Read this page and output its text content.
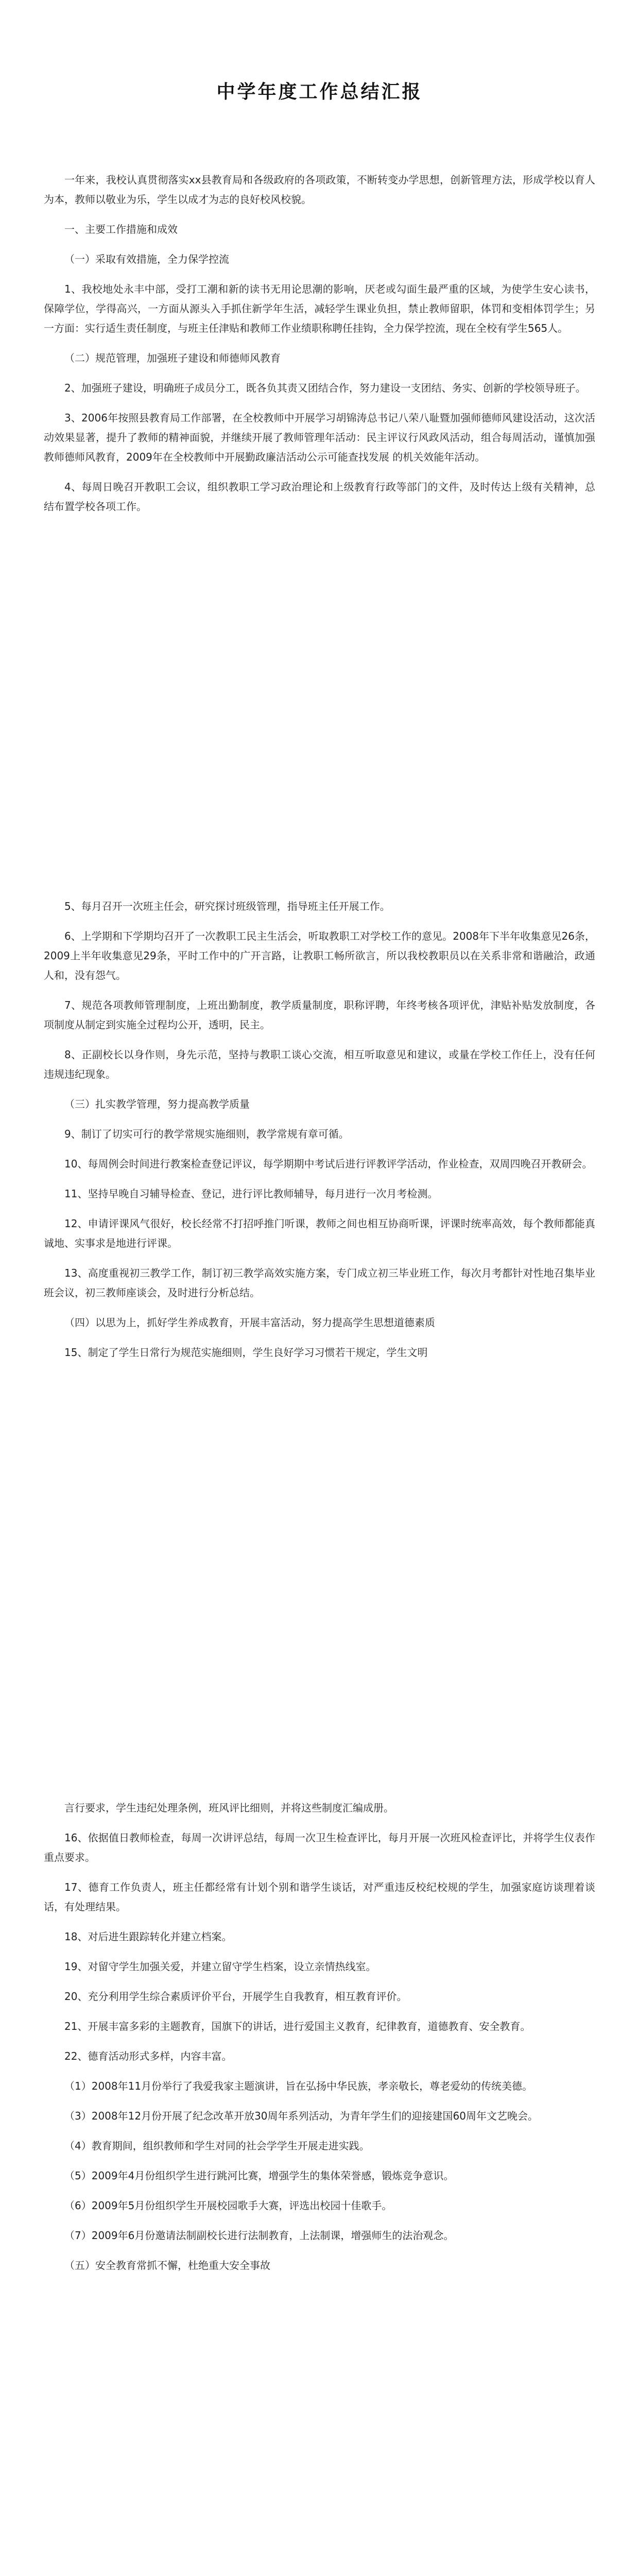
中学年度工作总结汇报

一年来，我校认真贯彻落实xx县教育局和各级政府的各项政策，不断转变办学思想，创新管理方法，形成学校以育人为本，教师以敬业为乐，学生以成才为志的良好校风校貌。

一、主要工作措施和成效

（一）采取有效措施，全力保学控流

1、我校地处永丰中部，受打工潮和新的读书无用论思潮的影响，厌老或勾面生最严重的区域，为使学生安心读书，保障学位，学得高兴，一方面从源头入手抓住新学年生活，减轻学生课业负担，禁止教师留职，体罚和变相体罚学生；另一方面：实行适生责任制度，与班主任津贴和教师工作业绩职称聘任挂钩，全力保学控流，现在全校有学生565人。

（二）规范管理，加强班子建设和师德师风教育

2、加强班子建设，明确班子成员分工，既各负其责又团结合作，努力建设一支团结、务实、创新的学校领导班子。

3、2006年按照县教育局工作部署，在全校教师中开展学习胡锦涛总书记八荣八耻暨加强师德师风建设活动，这次活动效果显著，提升了教师的精神面貌，并继续开展了教师管理年活动：民主评议行风政风活动，组合每周活动，谨慎加强教师德师风教育，2009年在全校教师中开展勤政廉洁活动公示可能查找发展 的机关效能年活动。

4、每周日晚召开教职工会议，组织教职工学习政治理论和上级教育行政等部门的文件，及时传达上级有关精神，总结布置学校各项工作。

5、每月召开一次班主任会，研究探讨班级管理，指导班主任开展工作。

6、上学期和下学期均召开了一次教职工民主生活会，听取教职工对学校工作的意见。2008年下半年收集意见26条，2009上半年收集意见29条，平时工作中的广开言路，让教职工畅所欲言，所以我校教职员以在关系非常和谐融洽，政通人和，没有怨气。

7、规范各项教师管理制度，上班出勤制度，教学质量制度，职称评聘，年终考核各项评优，津贴补贴发放制度，各项制度从制定到实施全过程均公开，透明，民主。

8、正副校长以身作则，身先示范，坚持与教职工谈心交流，相互听取意见和建议，或量在学校工作任上，没有任何违规违纪现象。

（三）扎实教学管理，努力提高教学质量

9、制订了切实可行的教学常规实施细则，教学常规有章可循。

10、每周例会时间进行教案检查登记评议，每学期期中考试后进行评教评学活动，作业检查，双周四晚召开教研会。

11、坚持早晚自习辅导检查、登记，进行评比教师辅导，每月进行一次月考检测。

12、申请评课风气很好，校长经常不打招呼推门听课，教师之间也相互协商听课，评课时统率高效，每个教师都能真诚地、实事求是地进行评课。

13、高度重视初三教学工作，制订初三教学高效实施方案，专门成立初三毕业班工作，每次月考都针对性地召集毕业班会议，初三教师座谈会，及时进行分析总结。

（四）以思为上，抓好学生养成教育，开展丰富活动，努力提高学生思想道德素质

15、制定了学生日常行为规范实施细则，学生良好学习习惯若干规定，学生文明

言行要求，学生违纪处理条例，班风评比细则，并将这些制度汇编成册。

16、依据值日教师检查，每周一次讲评总结，每周一次卫生检查评比，每月开展一次班风检查评比，并将学生仪表作重点要求。

17、德育工作负责人，班主任都经常有计划个别和谐学生谈话，对严重违反校纪校规的学生，加强家庭访谈理着谈话，有处理结果。

18、对后进生跟踪转化并建立档案。

19、对留守学生加强关爱，并建立留守学生档案，设立亲情热线室。

20、充分利用学生综合素质评价平台，开展学生自我教育，相互教育评价。

21、开展丰富多彩的主题教育，国旗下的讲话，进行爱国主义教育，纪律教育，道德教育、安全教育。

22、德育活动形式多样，内容丰富。

（1）2008年11月份举行了我爱我家主题演讲，旨在弘扬中华民族，孝亲敬长，尊老爱幼的传统美德。

（3）2008年12月份开展了纪念改革开放30周年系列活动，为青年学生们的迎接建国60周年文艺晚会。

（4）教育期间，组织教师和学生对同的社会学学生开展走进实践。

（5）2009年4月份组织学生进行跳河比赛，增强学生的集体荣誉感，锻炼竞争意识。

（6）2009年5月份组织学生开展校园歌手大赛，评选出校园十佳歌手。

（7）2009年6月份邀请法制副校长进行法制教育，上法制课，增强师生的法治观念。

（五）安全教育常抓不懈，杜绝重大安全事故
